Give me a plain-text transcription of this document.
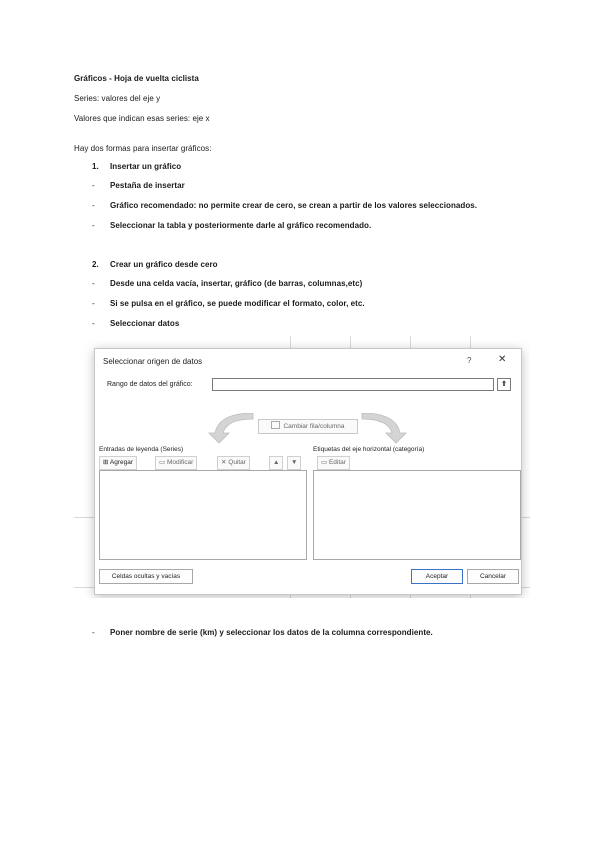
Gráficos - Hoja de vuelta ciclista
Series: valores del eje y
Valores que indican esas series: eje x
Hay dos formas para insertar gráficos:
1. Insertar un gráfico
- Pestaña de insertar
- Gráfico recomendado: no permite crear de cero, se crean a partir de los valores seleccionados.
- Seleccionar la tabla y posteriormente darle al gráfico recomendado.
2. Crear un gráfico desde cero
- Desde una celda vacía, insertar, gráfico (de barras, columnas,etc)
- Si se pulsa en el gráfico, se puede modificar el formato, color, etc.
- Seleccionar datos
Seleccionar origen de datos	?	✕
Rango de datos del gráfico:	⇑
Cambiar fila/columna
Entradas de leyenda (Series)	Etiquetas del eje horizontal (categoría)
⊞ Agregar	▭ Modificar	✕ Quitar	▲	▼	▭ Editar
Celdas ocultas y vacías	Aceptar	Cancelar
- Poner nombre de serie (km) y seleccionar los datos de la columna correspondiente.
